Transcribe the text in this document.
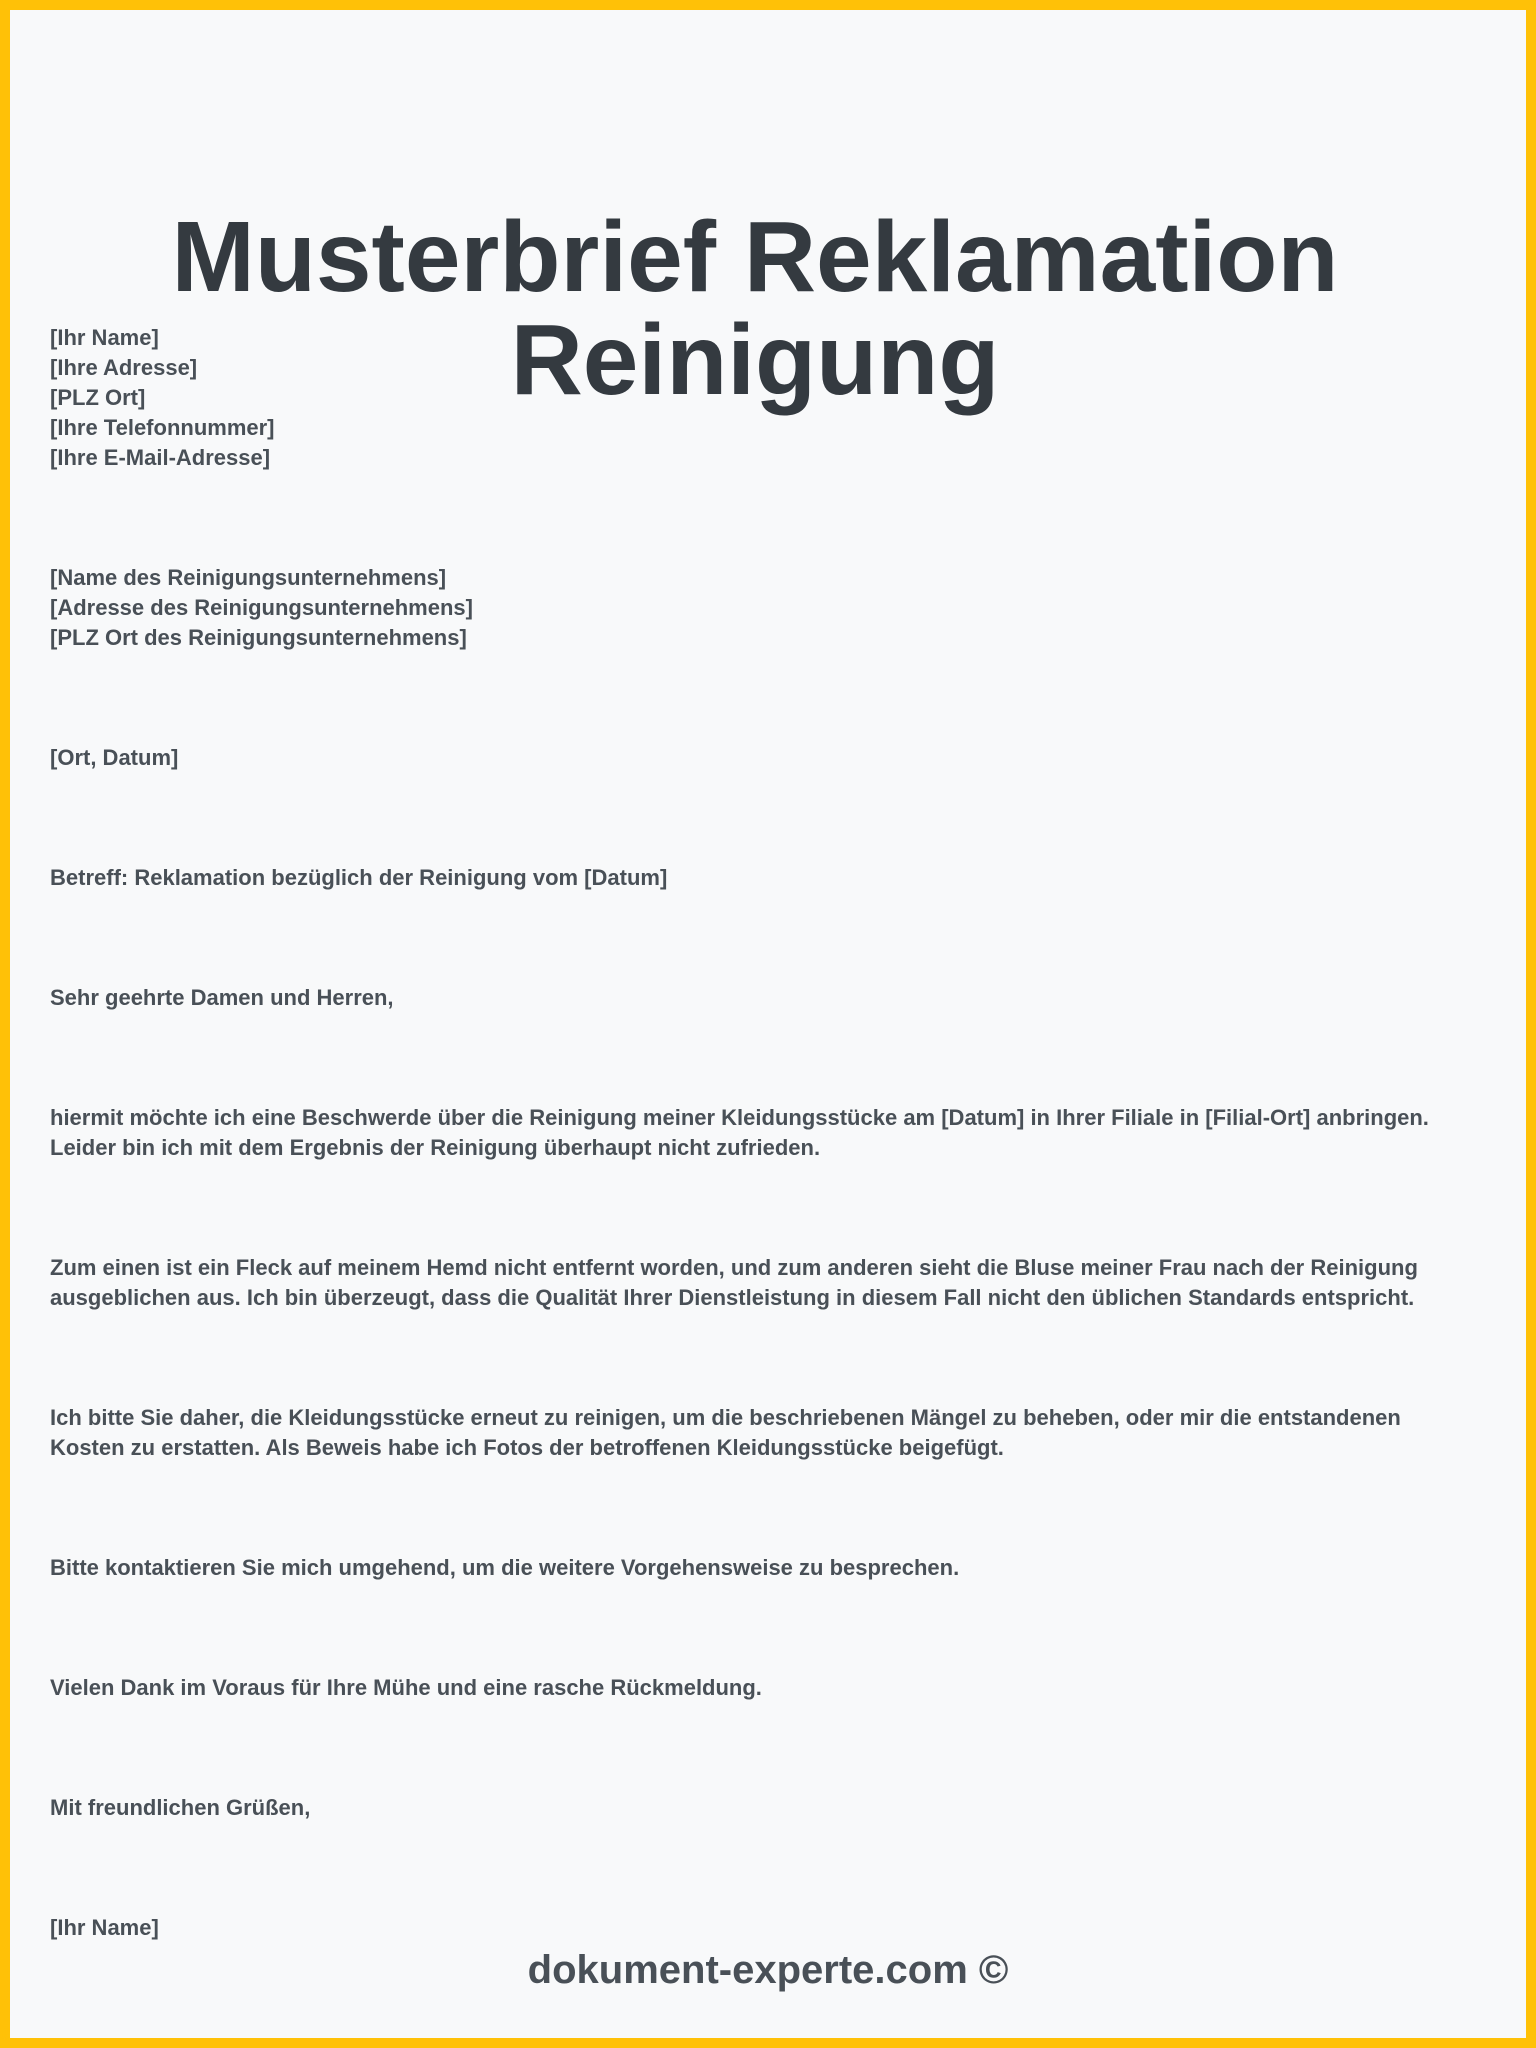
Musterbrief Reklamation
Reinigung

[Ihr Name]
[Ihre Adresse]
[PLZ Ort]
[Ihre Telefonnummer]
[Ihre E-Mail-Adresse]

[Name des Reinigungsunternehmens]
[Adresse des Reinigungsunternehmens]
[PLZ Ort des Reinigungsunternehmens]

[Ort, Datum]

Betreff: Reklamation bezüglich der Reinigung vom [Datum]

Sehr geehrte Damen und Herren,

hiermit möchte ich eine Beschwerde über die Reinigung meiner Kleidungsstücke am [Datum] in Ihrer Filiale in [Filial-Ort] anbringen. Leider bin ich mit dem Ergebnis der Reinigung überhaupt nicht zufrieden.

Zum einen ist ein Fleck auf meinem Hemd nicht entfernt worden, und zum anderen sieht die Bluse meiner Frau nach der Reinigung ausgeblichen aus. Ich bin überzeugt, dass die Qualität Ihrer Dienstleistung in diesem Fall nicht den üblichen Standards entspricht.

Ich bitte Sie daher, die Kleidungsstücke erneut zu reinigen, um die beschriebenen Mängel zu beheben, oder mir die entstandenen Kosten zu erstatten. Als Beweis habe ich Fotos der betroffenen Kleidungsstücke beigefügt.

Bitte kontaktieren Sie mich umgehend, um die weitere Vorgehensweise zu besprechen.

Vielen Dank im Voraus für Ihre Mühe und eine rasche Rückmeldung.

Mit freundlichen Grüßen,

[Ihr Name]

dokument-experte.com ©
